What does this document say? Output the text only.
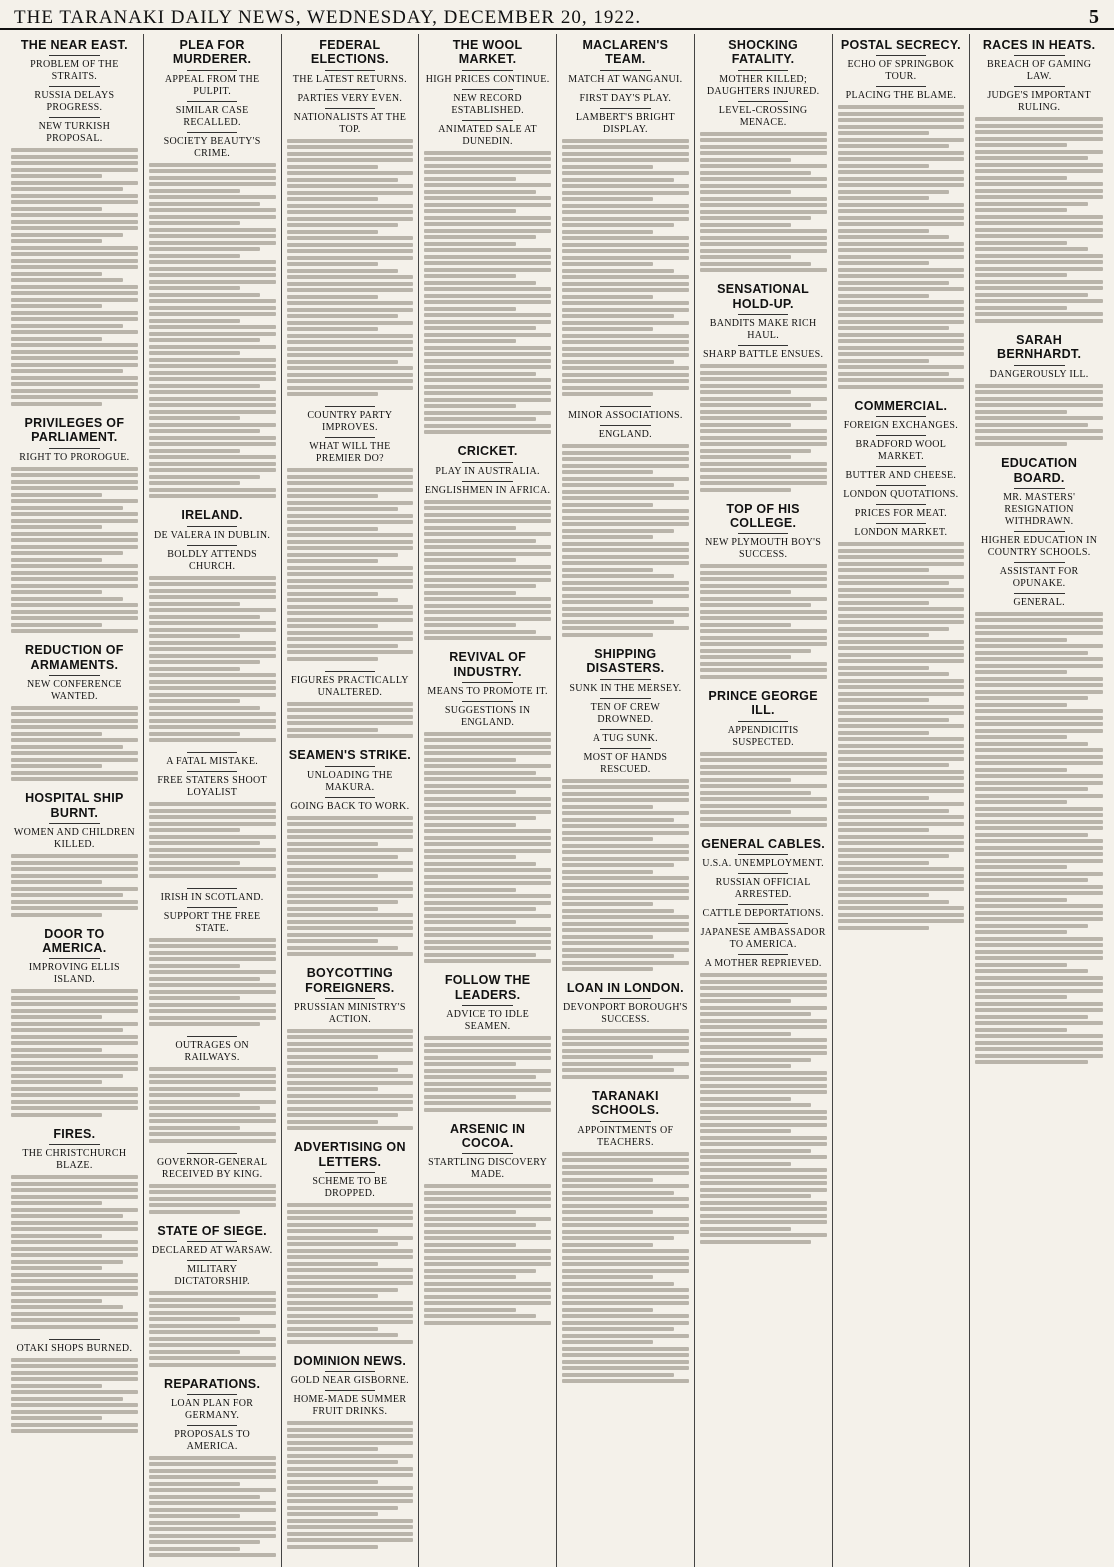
THE TARANAKI DAILY NEWS, WEDNESDAY, DECEMBER 20, 1922.	5
THE NEAR EAST.
PROBLEM OF THE STRAITS.
RUSSIA DELAYS PROGRESS.
NEW TURKISH PROPOSAL.
PRIVILEGES OF PARLIAMENT.
RIGHT TO PROROGUE.
REDUCTION OF ARMAMENTS.
NEW CONFERENCE WANTED.
HOSPITAL SHIP BURNT.
WOMEN AND CHILDREN KILLED.
DOOR TO AMERICA.
IMPROVING ELLIS ISLAND.
FIRES.
THE CHRISTCHURCH BLAZE.
OTAKI SHOPS BURNED.
PLEA FOR MURDERER.
APPEAL FROM THE PULPIT.
SIMILAR CASE RECALLED.
SOCIETY BEAUTY'S CRIME.
IRELAND.
DE VALERA IN DUBLIN.
BOLDLY ATTENDS CHURCH.
A FATAL MISTAKE.
FREE STATERS SHOOT LOYALIST
IRISH IN SCOTLAND.
SUPPORT THE FREE STATE.
OUTRAGES ON RAILWAYS.
GOVERNOR-GENERAL RECEIVED BY KING.
STATE OF SIEGE.
DECLARED AT WARSAW.
MILITARY DICTATORSHIP.
REPARATIONS.
LOAN PLAN FOR GERMANY.
PROPOSALS TO AMERICA.
FEDERAL ELECTIONS.
THE LATEST RETURNS.
PARTIES VERY EVEN.
NATIONALISTS AT THE TOP.
COUNTRY PARTY IMPROVES.
WHAT WILL THE PREMIER DO?
FIGURES PRACTICALLY UNALTERED.
SEAMEN'S STRIKE.
UNLOADING THE MAKURA.
GOING BACK TO WORK.
BOYCOTTING FOREIGNERS.
PRUSSIAN MINISTRY'S ACTION.
ADVERTISING ON LETTERS.
SCHEME TO BE DROPPED.
DOMINION NEWS.
GOLD NEAR GISBORNE.
HOME-MADE SUMMER FRUIT DRINKS.
THE WOOL MARKET.
HIGH PRICES CONTINUE.
NEW RECORD ESTABLISHED.
ANIMATED SALE AT DUNEDIN.
CRICKET.
PLAY IN AUSTRALIA.
ENGLISHMEN IN AFRICA.
REVIVAL OF INDUSTRY.
MEANS TO PROMOTE IT.
SUGGESTIONS IN ENGLAND.
FOLLOW THE LEADERS.
ADVICE TO IDLE SEAMEN.
ARSENIC IN COCOA.
STARTLING DISCOVERY MADE.
MACLAREN'S TEAM.
MATCH AT WANGANUI.
FIRST DAY'S PLAY.
LAMBERT'S BRIGHT DISPLAY.
MINOR ASSOCIATIONS.
ENGLAND.
SHIPPING DISASTERS.
SUNK IN THE MERSEY.
TEN OF CREW DROWNED.
A TUG SUNK.
MOST OF HANDS RESCUED.
LOAN IN LONDON.
DEVONPORT BOROUGH'S SUCCESS.
TARANAKI SCHOOLS.
APPOINTMENTS OF TEACHERS.
SHOCKING FATALITY.
MOTHER KILLED; DAUGHTERS INJURED.
LEVEL-CROSSING MENACE.
SENSATIONAL HOLD-UP.
BANDITS MAKE RICH HAUL.
SHARP BATTLE ENSUES.
TOP OF HIS COLLEGE.
NEW PLYMOUTH BOY'S SUCCESS.
PRINCE GEORGE ILL.
APPENDICITIS SUSPECTED.
GENERAL CABLES.
U.S.A. UNEMPLOYMENT.
RUSSIAN OFFICIAL ARRESTED.
CATTLE DEPORTATIONS.
JAPANESE AMBASSADOR TO AMERICA.
A MOTHER REPRIEVED.
POSTAL SECRECY.
ECHO OF SPRINGBOK TOUR.
PLACING THE BLAME.
COMMERCIAL.
FOREIGN EXCHANGES.
BRADFORD WOOL MARKET.
BUTTER AND CHEESE.
LONDON QUOTATIONS.
PRICES FOR MEAT.
LONDON MARKET.
RACES IN HEATS.
BREACH OF GAMING LAW.
JUDGE'S IMPORTANT RULING.
SARAH BERNHARDT.
DANGEROUSLY ILL.
EDUCATION BOARD.
MR. MASTERS' RESIGNATION WITHDRAWN.
HIGHER EDUCATION IN COUNTRY SCHOOLS.
ASSISTANT FOR OPUNAKE.
GENERAL.
